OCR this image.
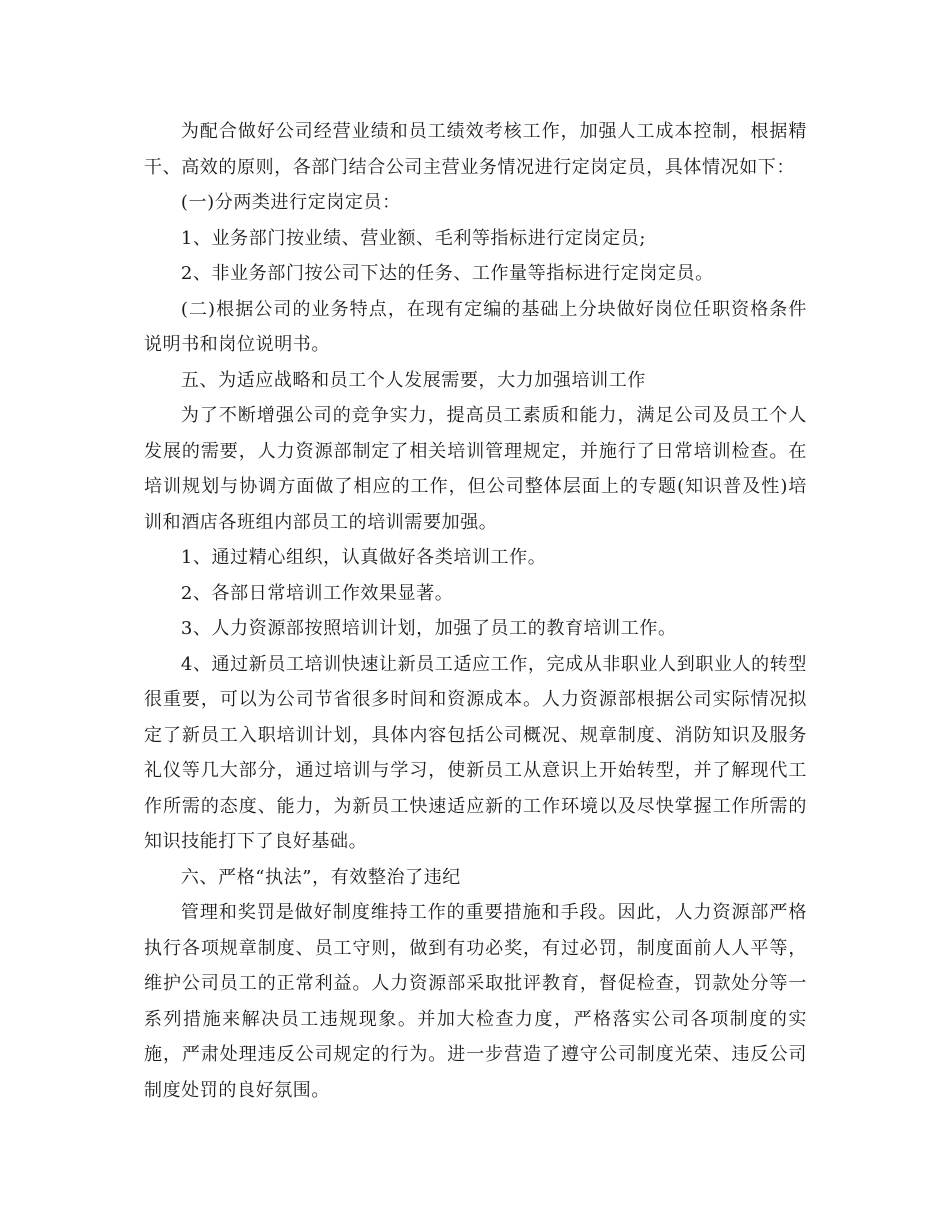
为配合做好公司经营业绩和员工绩效考核工作，加强人工成本控制，根据精干、高效的原则，各部门结合公司主营业务情况进行定岗定员，具体情况如下：

(一)分两类进行定岗定员：

1、业务部门按业绩、营业额、毛利等指标进行定岗定员;

2、非业务部门按公司下达的任务、工作量等指标进行定岗定员。

(二)根据公司的业务特点，在现有定编的基础上分块做好岗位任职资格条件说明书和岗位说明书。

五、为适应战略和员工个人发展需要，大力加强培训工作

为了不断增强公司的竞争实力，提高员工素质和能力，满足公司及员工个人发展的需要，人力资源部制定了相关培训管理规定，并施行了日常培训检查。在培训规划与协调方面做了相应的工作，但公司整体层面上的专题(知识普及性)培训和酒店各班组内部员工的培训需要加强。

1、通过精心组织，认真做好各类培训工作。

2、各部日常培训工作效果显著。

3、人力资源部按照培训计划，加强了员工的教育培训工作。

4、通过新员工培训快速让新员工适应工作，完成从非职业人到职业人的转型很重要，可以为公司节省很多时间和资源成本。人力资源部根据公司实际情况拟定了新员工入职培训计划，具体内容包括公司概况、规章制度、消防知识及服务礼仪等几大部分，通过培训与学习，使新员工从意识上开始转型，并了解现代工作所需的态度、能力，为新员工快速适应新的工作环境以及尽快掌握工作所需的知识技能打下了良好基础。

六、严格“执法”，有效整治了违纪

管理和奖罚是做好制度维持工作的重要措施和手段。因此，人力资源部严格执行各项规章制度、员工守则，做到有功必奖，有过必罚，制度面前人人平等，维护公司员工的正常利益。人力资源部采取批评教育，督促检查，罚款处分等一系列措施来解决员工违规现象。并加大检查力度，严格落实公司各项制度的实施，严肃处理违反公司规定的行为。进一步营造了遵守公司制度光荣、违反公司制度处罚的良好氛围。
